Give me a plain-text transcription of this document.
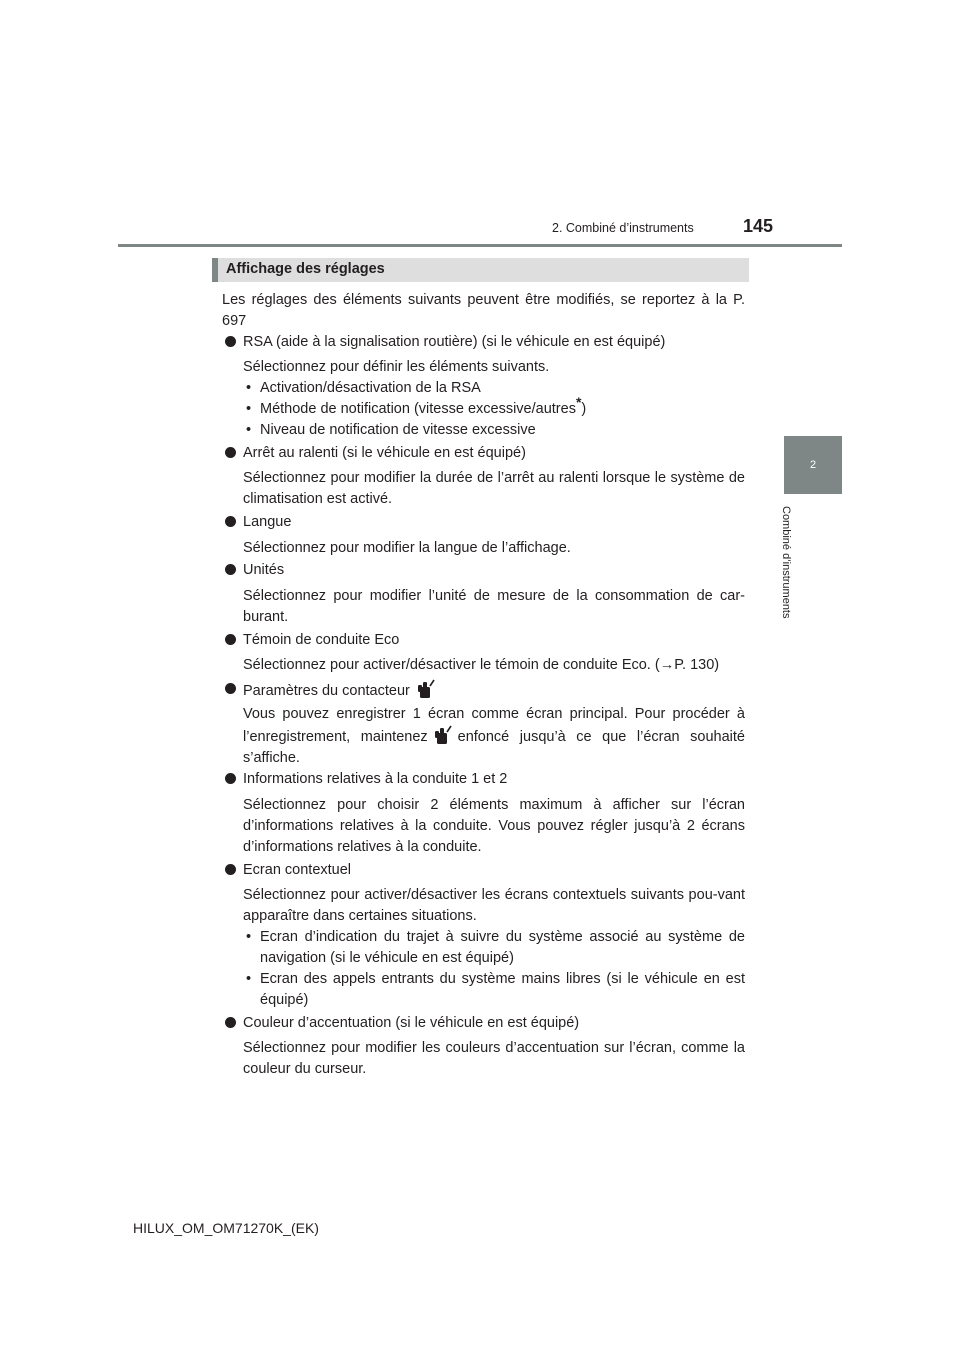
2. Combiné d’instruments	145
2
Combiné d’instruments
Affichage des réglages
Les réglages des éléments suivants peuvent être modifiés, se reportez à la P. 697
RSA (aide à la signalisation routière) (si le véhicule en est équipé)
Sélectionnez pour définir les éléments suivants.
• Activation/désactivation de la RSA
• Méthode de notification (vitesse excessive/autres*)
• Niveau de notification de vitesse excessive
Arrêt au ralenti (si le véhicule en est équipé)
Sélectionnez pour modifier la durée de l’arrêt au ralenti lorsque le système de climatisation est activé.
Langue
Sélectionnez pour modifier la langue de l’affichage.
Unités
Sélectionnez pour modifier l’unité de mesure de la consommation de car-burant.
Témoin de conduite Eco
Sélectionnez pour activer/désactiver le témoin de conduite Eco. (→P. 130)
Paramètres du contacteur
Vous pouvez enregistrer 1 écran comme écran principal. Pour procéder à l’enregistrement, maintenez enfoncé jusqu’à ce que l’écran souhaité s’affiche.
Informations relatives à la conduite 1 et 2
Sélectionnez pour choisir 2 éléments maximum à afficher sur l’écran d’informations relatives à la conduite. Vous pouvez régler jusqu’à 2 écrans d’informations relatives à la conduite.
Ecran contextuel
Sélectionnez pour activer/désactiver les écrans contextuels suivants pou-vant apparaître dans certaines situations.
• Ecran d’indication du trajet à suivre du système associé au système de navigation (si le véhicule en est équipé)
• Ecran des appels entrants du système mains libres (si le véhicule en est équipé)
Couleur d’accentuation (si le véhicule en est équipé)
Sélectionnez pour modifier les couleurs d’accentuation sur l’écran, comme la couleur du curseur.
HILUX_OM_OM71270K_(EK)
